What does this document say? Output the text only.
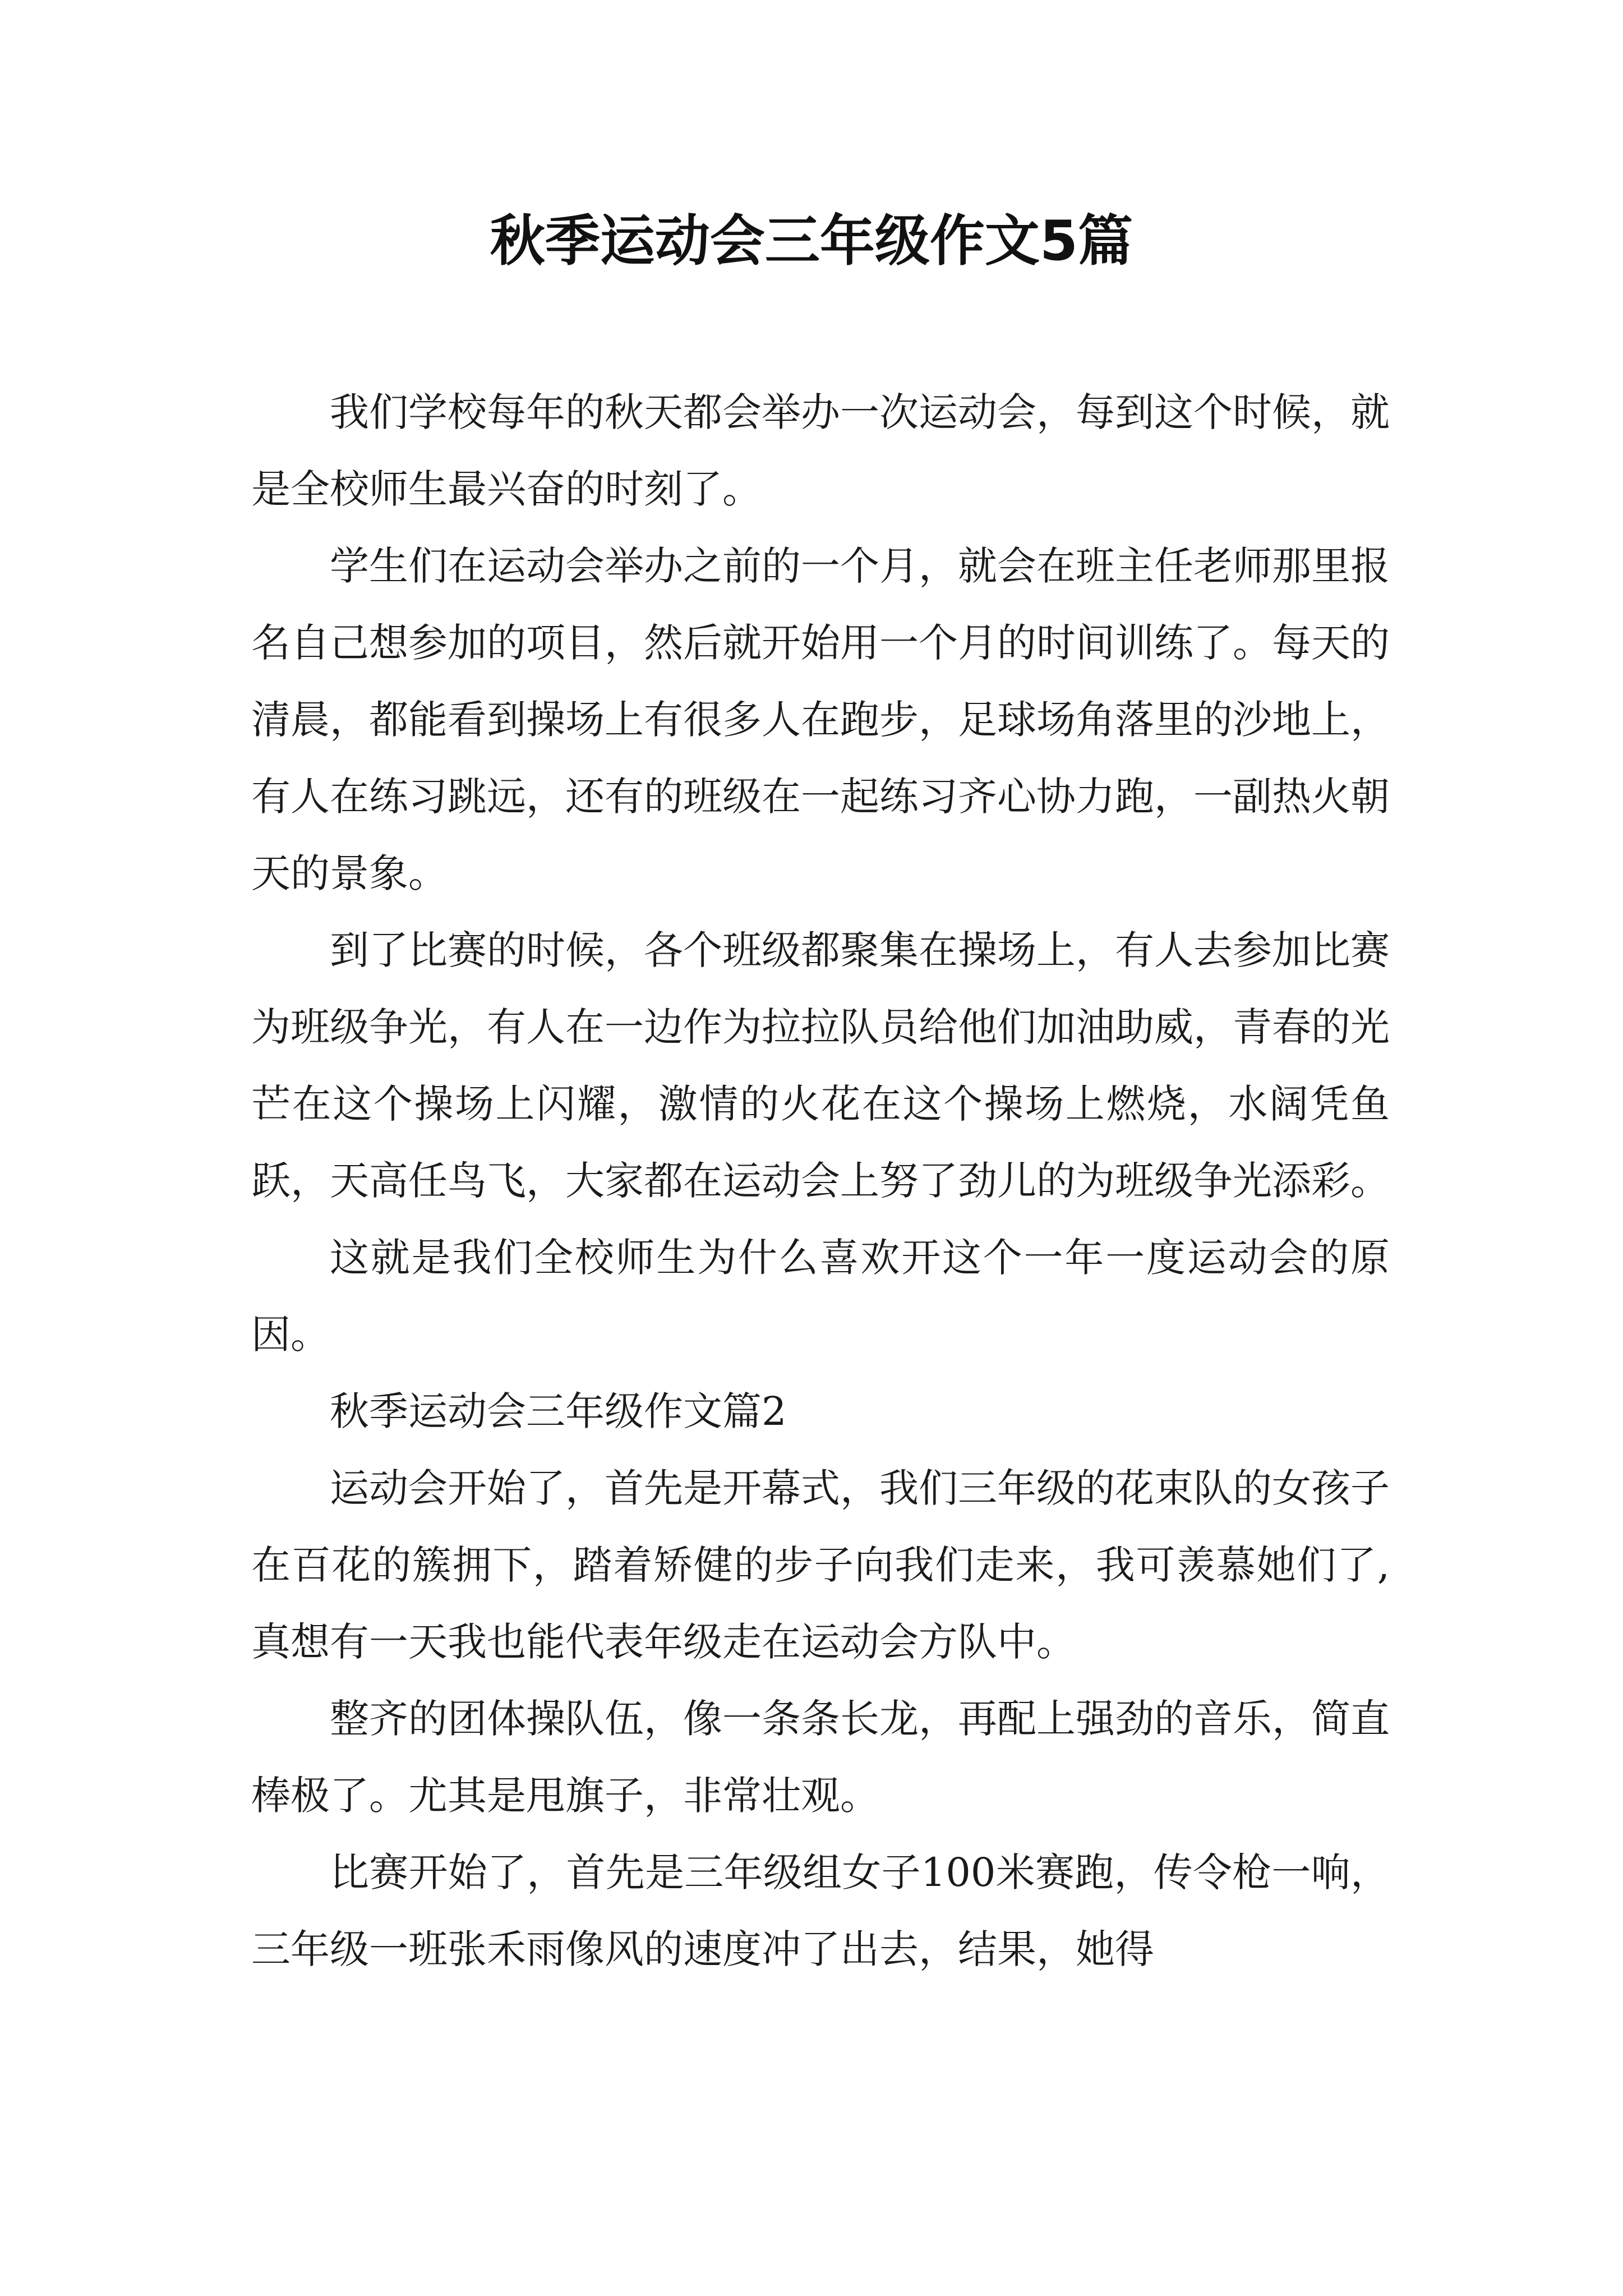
秋季运动会三年级作文5篇

我们学校每年的秋天都会举办一次运动会，每到这个时候，就是全校师生最兴奋的时刻了。

学生们在运动会举办之前的一个月，就会在班主任老师那里报名自己想参加的项目，然后就开始用一个月的时间训练了。每天的清晨，都能看到操场上有很多人在跑步，足球场角落里的沙地上，有人在练习跳远，还有的班级在一起练习齐心协力跑，一副热火朝天的景象。

到了比赛的时候，各个班级都聚集在操场上，有人去参加比赛为班级争光，有人在一边作为拉拉队员给他们加油助威，青春的光芒在这个操场上闪耀，激情的火花在这个操场上燃烧，水阔凭鱼跃，天高任鸟飞，大家都在运动会上努了劲儿的为班级争光添彩。

这就是我们全校师生为什么喜欢开这个一年一度运动会的原因。

秋季运动会三年级作文篇2

运动会开始了，首先是开幕式，我们三年级的花束队的女孩子在百花的簇拥下，踏着矫健的步子向我们走来，我可羡慕她们了,真想有一天我也能代表年级走在运动会方队中。

整齐的团体操队伍，像一条条长龙，再配上强劲的音乐，简直棒极了。尤其是甩旗子，非常壮观。

比赛开始了，首先是三年级组女子100米赛跑，传令枪一响，三年级一班张禾雨像风的速度冲了出去，结果，她得
